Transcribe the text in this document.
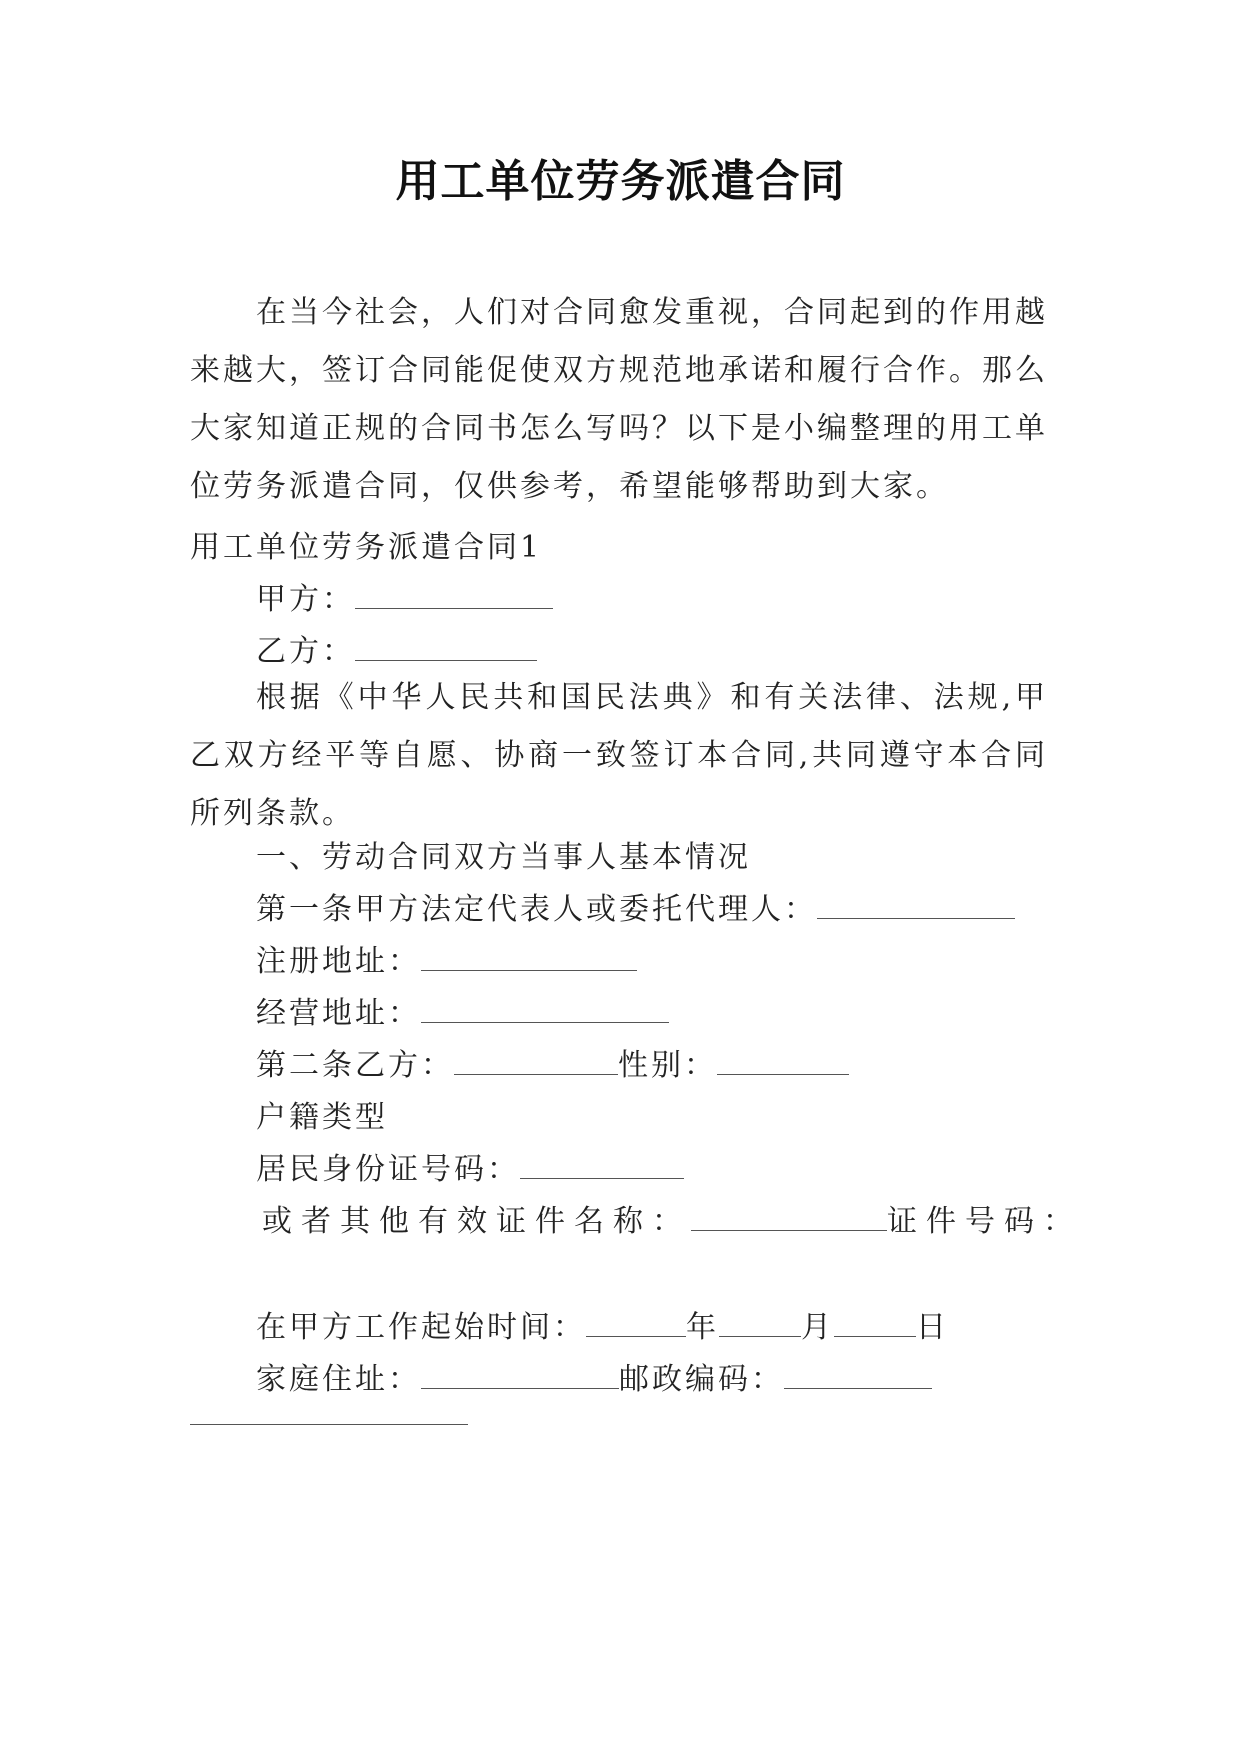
用工单位劳务派遣合同
在当今社会，人们对合同愈发重视，合同起到的作用越来越大，签订合同能促使双方规范地承诺和履行合作。那么大家知道正规的合同书怎么写吗？以下是小编整理的用工单位劳务派遣合同，仅供参考，希望能够帮助到大家。
用工单位劳务派遣合同1
甲方：
乙方：
根据《中华人民共和国民法典》和有关法律、法规,甲乙双方经平等自愿、协商一致签订本合同,共同遵守本合同所列条款。
一、劳动合同双方当事人基本情况
第一条甲方法定代表人或委托代理人：
注册地址：
经营地址：
第二条乙方：	性别：
户籍类型
居民身份证号码：
或者其他有效证件名称：	证件号码：
在甲方工作起始时间：	年	月	日
家庭住址：	邮政编码：
